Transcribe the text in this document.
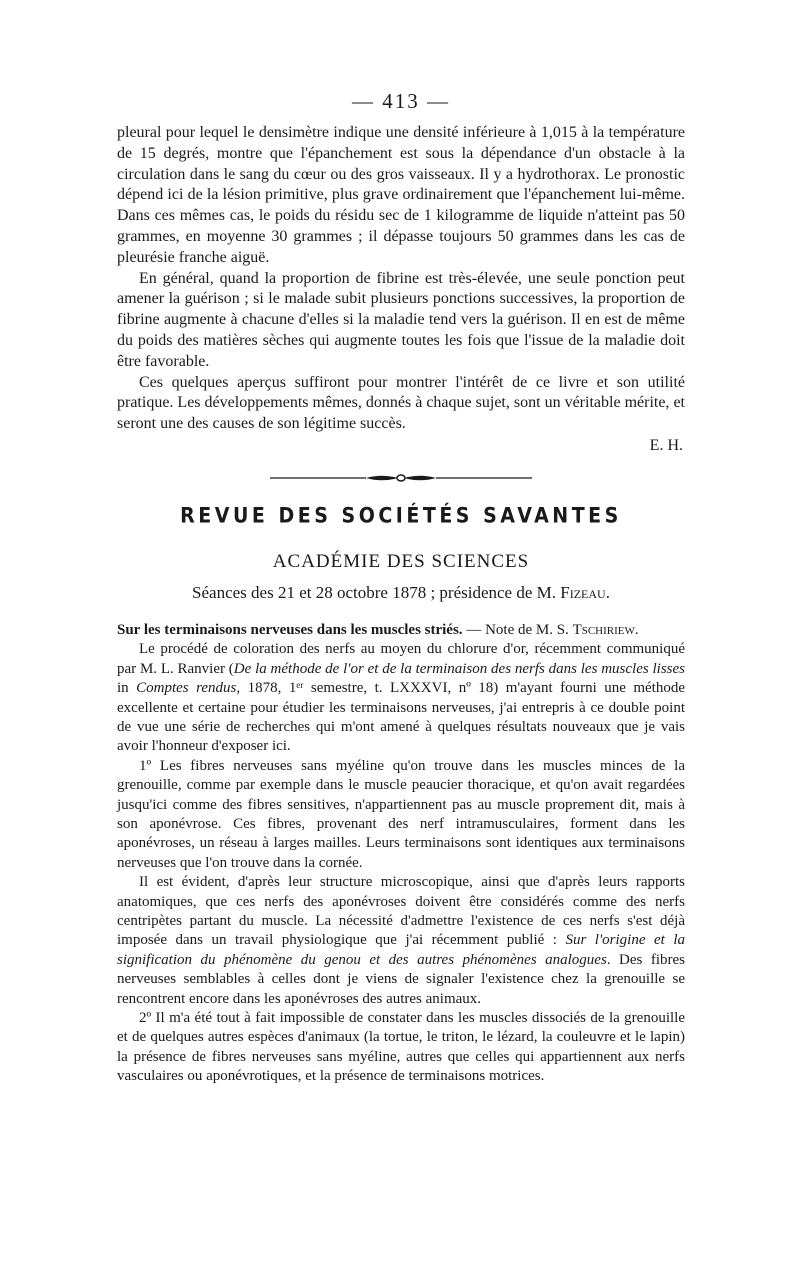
— 413 —

pleural pour lequel le densimètre indique une densité inférieure à 1,015 à la température de 15 degrés, montre que l'épanchement est sous la dépendance d'un obstacle à la circulation dans le sang du cœur ou des gros vaisseaux. Il y a hydrothorax. Le pronostic dépend ici de la lésion primitive, plus grave ordinairement que l'épanchement lui-même. Dans ces mêmes cas, le poids du résidu sec de 1 kilogramme de liquide n'atteint pas 50 grammes, en moyenne 30 grammes ; il dépasse toujours 50 grammes dans les cas de pleurésie franche aiguë.

En général, quand la proportion de fibrine est très-élevée, une seule ponction peut amener la guérison ; si le malade subit plusieurs ponctions successives, la proportion de fibrine augmente à chacune d'elles si la maladie tend vers la guérison. Il en est de même du poids des matières sèches qui augmente toutes les fois que l'issue de la maladie doit être favorable.

Ces quelques aperçus suffiront pour montrer l'intérêt de ce livre et son utilité pratique. Les développements mêmes, donnés à chaque sujet, sont un véritable mérite, et seront une des causes de son légitime succès.

E. H.

REVUE DES SOCIÉTÉS SAVANTES
ACADÉMIE DES SCIENCES
Séances des 21 et 28 octobre 1878 ; présidence de M. Fizeau.

Sur les terminaisons nerveuses dans les muscles striés. — Note de M. S. Tschiriew.

Le procédé de coloration des nerfs au moyen du chlorure d'or, récemment communiqué par M. L. Ranvier (De la méthode de l'or et de la terminaison des nerfs dans les muscles lisses in Comptes rendus, 1878, 1ᵉʳ semestre, t. LXXXVI, nº 18) m'ayant fourni une méthode excellente et certaine pour étudier les terminaisons nerveuses, j'ai entrepris à ce double point de vue une série de recherches qui m'ont amené à quelques résultats nouveaux que je vais avoir l'honneur d'exposer ici.

1º Les fibres nerveuses sans myéline qu'on trouve dans les muscles minces de la grenouille, comme par exemple dans le muscle peaucier thoracique, et qu'on avait regardées jusqu'ici comme des fibres sensitives, n'appartiennent pas au muscle proprement dit, mais à son aponévrose. Ces fibres, provenant des nerf intramusculaires, forment dans les aponévroses, un réseau à larges mailles. Leurs terminaisons sont identiques aux terminaisons nerveuses que l'on trouve dans la cornée.

Il est évident, d'après leur structure microscopique, ainsi que d'après leurs rapports anatomiques, que ces nerfs des aponévroses doivent être considérés comme des nerfs centripètes partant du muscle. La nécessité d'admettre l'existence de ces nerfs s'est déjà imposée dans un travail physiologique que j'ai récemment publié : Sur l'origine et la signification du phénomène du genou et des autres phénomènes analogues. Des fibres nerveuses semblables à celles dont je viens de signaler l'existence chez la grenouille se rencontrent encore dans les aponévroses des autres animaux.

2º Il m'a été tout à fait impossible de constater dans les muscles dissociés de la grenouille et de quelques autres espèces d'animaux (la tortue, le triton, le lézard, la couleuvre et le lapin) la présence de fibres nerveuses sans myéline, autres que celles qui appartiennent aux nerfs vasculaires ou aponévrotiques, et la présence de terminaisons motrices.
